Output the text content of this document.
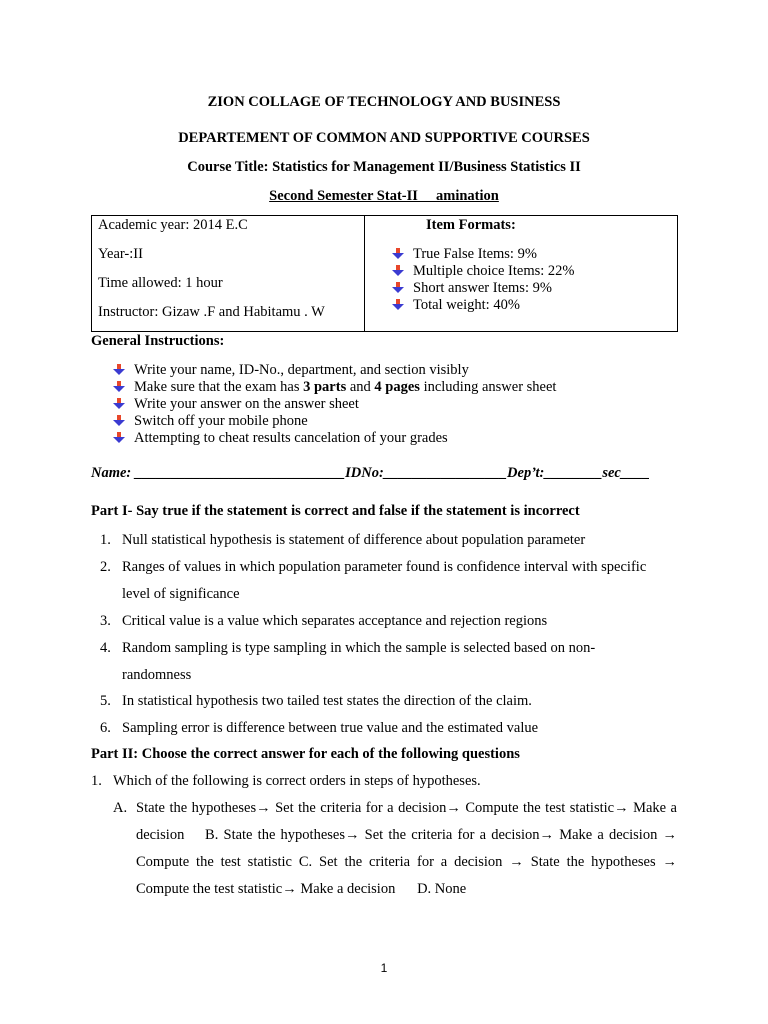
ZION COLLAGE OF TECHNOLOGY AND BUSINESS
DEPARTEMENT OF COMMON AND SUPPORTIVE COURSES
Course Title: Statistics for Management II/Business Statistics II
Second Semester Stat-II     amination
Academic year: 2014 E.C
Year-:II
Time allowed: 1 hour
Instructor: Gizaw .F and Habitamu . W
Item Formats:
True False Items: 9%
Multiple choice Items: 22%
Short answer Items: 9%
Total weight: 40%
General Instructions:
Write your name, ID-No., department, and section visibly
Make sure that the exam has 3 parts and 4 pages including answer sheet
Write your answer on the answer sheet
Switch off your mobile phone
Attempting to cheat results cancelation of your grades
Name: _____________________________IDNo:_________________Dep’t:________sec____
Part I- Say true if the statement is correct and false if the statement is incorrect
1. Null statistical hypothesis is statement of difference about population parameter
2. Ranges of values in which population parameter found is confidence interval with specific
level of significance
3. Critical value is a value which separates acceptance and rejection regions
4. Random sampling is type sampling in which the sample is selected based on non-
randomness
5. In statistical hypothesis two tailed test states the direction of the claim.
6. Sampling error is difference between true value and the estimated value
Part II: Choose the correct answer for each of the following questions
1. Which of the following is correct orders in steps of hypotheses.
A. State the hypotheses→ Set the criteria for a decision→ Compute the test statistic→ Make a
decision    B. State the hypotheses→ Set the criteria for a decision→ Make a decision →
Compute the test statistic C. Set the criteria for a decision → State the hypotheses →
Compute the test statistic→ Make a decision      D. None
1
